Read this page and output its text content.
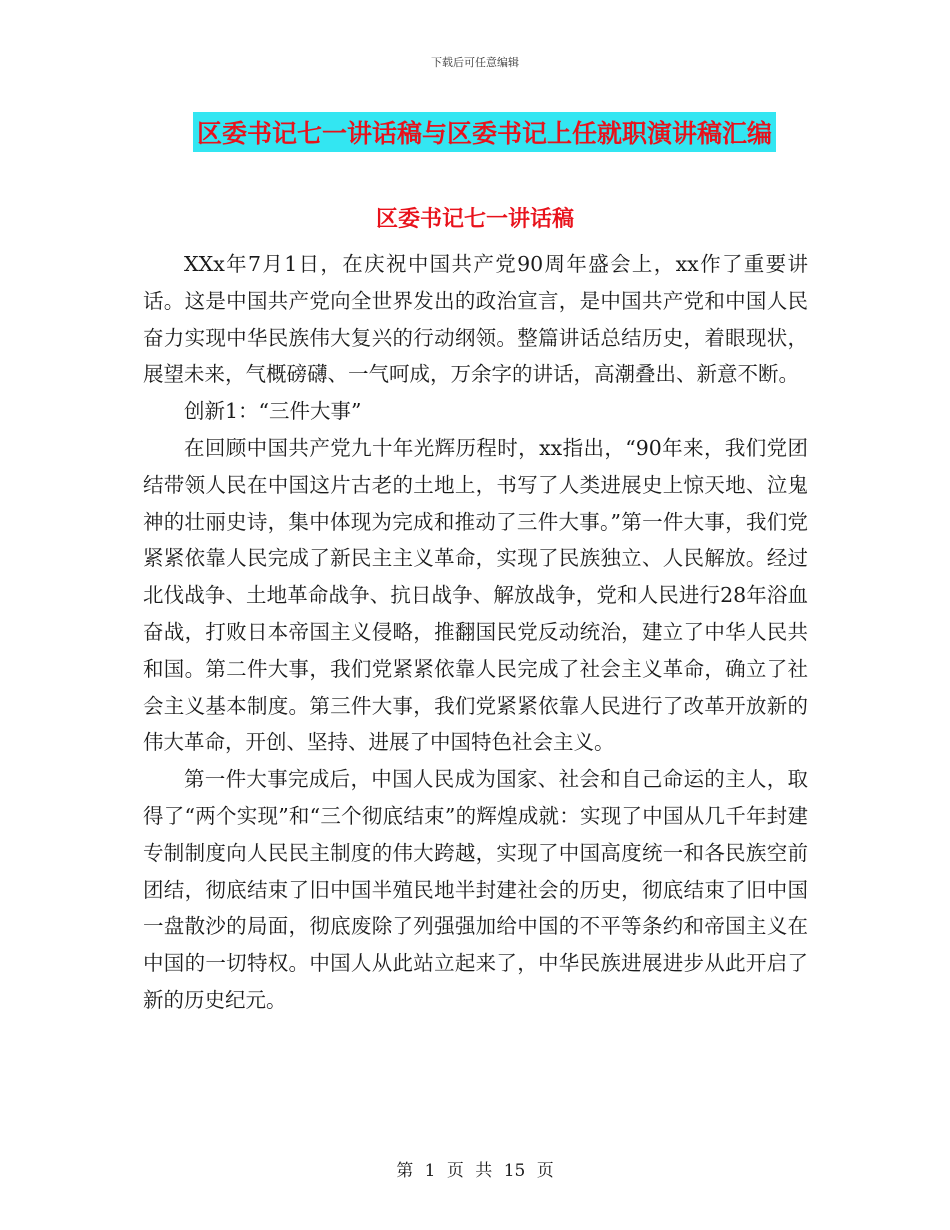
下载后可任意编辑
区委书记七一讲话稿与区委书记上任就职演讲稿汇编
区委书记七一讲话稿

XXx年7月1日，在庆祝中国共产党90周年盛会上，xx作了重要讲话。这是中国共产党向全世界发出的政治宣言，是中国共产党和中国人民奋力实现中华民族伟大复兴的行动纲领。整篇讲话总结历史，着眼现状，展望未来，气概磅礴、一气呵成，万余字的讲话，高潮叠出、新意不断。

创新1：“三件大事”

在回顾中国共产党九十年光辉历程时，xx指出，“90年来，我们党团结带领人民在中国这片古老的土地上，书写了人类进展史上惊天地、泣鬼神的壮丽史诗，集中体现为完成和推动了三件大事。”第一件大事，我们党紧紧依靠人民完成了新民主主义革命，实现了民族独立、人民解放。经过北伐战争、土地革命战争、抗日战争、解放战争，党和人民进行28年浴血奋战，打败日本帝国主义侵略，推翻国民党反动统治，建立了中华人民共和国。第二件大事，我们党紧紧依靠人民完成了社会主义革命，确立了社会主义基本制度。第三件大事，我们党紧紧依靠人民进行了改革开放新的伟大革命，开创、坚持、进展了中国特色社会主义。

第一件大事完成后，中国人民成为国家、社会和自己命运的主人，取得了“两个实现”和“三个彻底结束”的辉煌成就：实现了中国从几千年封建专制制度向人民民主制度的伟大跨越，实现了中国高度统一和各民族空前团结，彻底结束了旧中国半殖民地半封建社会的历史，彻底结束了旧中国一盘散沙的局面，彻底废除了列强强加给中国的不平等条约和帝国主义在中国的一切特权。中国人从此站立起来了，中华民族进展进步从此开启了新的历史纪元。

第 1 页 共 15 页
